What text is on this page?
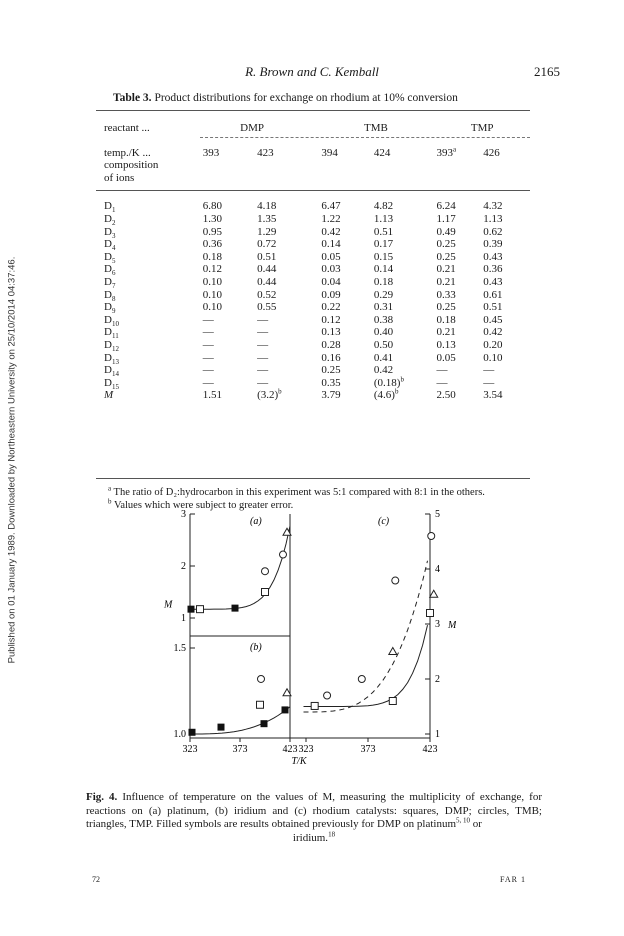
Published on 01 January 1989. Downloaded by Northeastern University on 25/10/2014 04:37:46.
R. Brown and C. Kemball	2165
Table 3. Product distributions for exchange on rhodium at 10% conversion
reactant ...	DMP		TMB		TMP	

temp./K ...	393	423	394	424	393$^a$	426
composition						
of ions						

$D_1$	6.80	4.18	6.47	4.82	6.24	4.32
$D_2$	1.30	1.35	1.22	1.13	1.17	1.13
$D_3$	0.95	1.29	0.42	0.51	0.49	0.62
$D_4$	0.36	0.72	0.14	0.17	0.25	0.39
$D_5$	0.18	0.51	0.05	0.15	0.25	0.43
$D_6$	0.12	0.44	0.03	0.14	0.21	0.36
$D_7$	0.10	0.44	0.04	0.18	0.21	0.43
$D_8$	0.10	0.52	0.09	0.29	0.33	0.61
$D_9$	0.10	0.55	0.22	0.31	0.25	0.51
$D_{10}$	—	—	0.12	0.38	0.18	0.45
$D_{11}$	—	—	0.13	0.40	0.21	0.42
$D_{12}$	—	—	0.28	0.50	0.13	0.20
$D_{13}$	—	—	0.16	0.41	0.05	0.10
$D_{14}$	—	—	0.25	0.42	—	—
$D_{15}$	—	—	0.35	$(0.18)^b$	—	—
M	1.51	$(3.2)^b$	3.79	$(4.6)^b$	2.50	3.54
$^a$ The ratio of D₂:hydrocarbon in this experiment was 5:1 compared with 8:1 in the others.
$^b$ Values which were subject to greater error.
3
2
1
1.5
1.0
5
4
3
2
1
M
M
323	373	423 323	373	423
T/K
(a)
(b)
(c)
Fig. 4. Influence of temperature on the values of M, measuring the multiplicity of exchange, for reactions on (a) platinum, (b) iridium and (c) rhodium catalysts: squares, DMP; circles, TMB; triangles, TMP. Filled symbols are results obtained previously for DMP on platinum$^{5, 10}$ or
iridium.$^{18}$
72	FAR 1
